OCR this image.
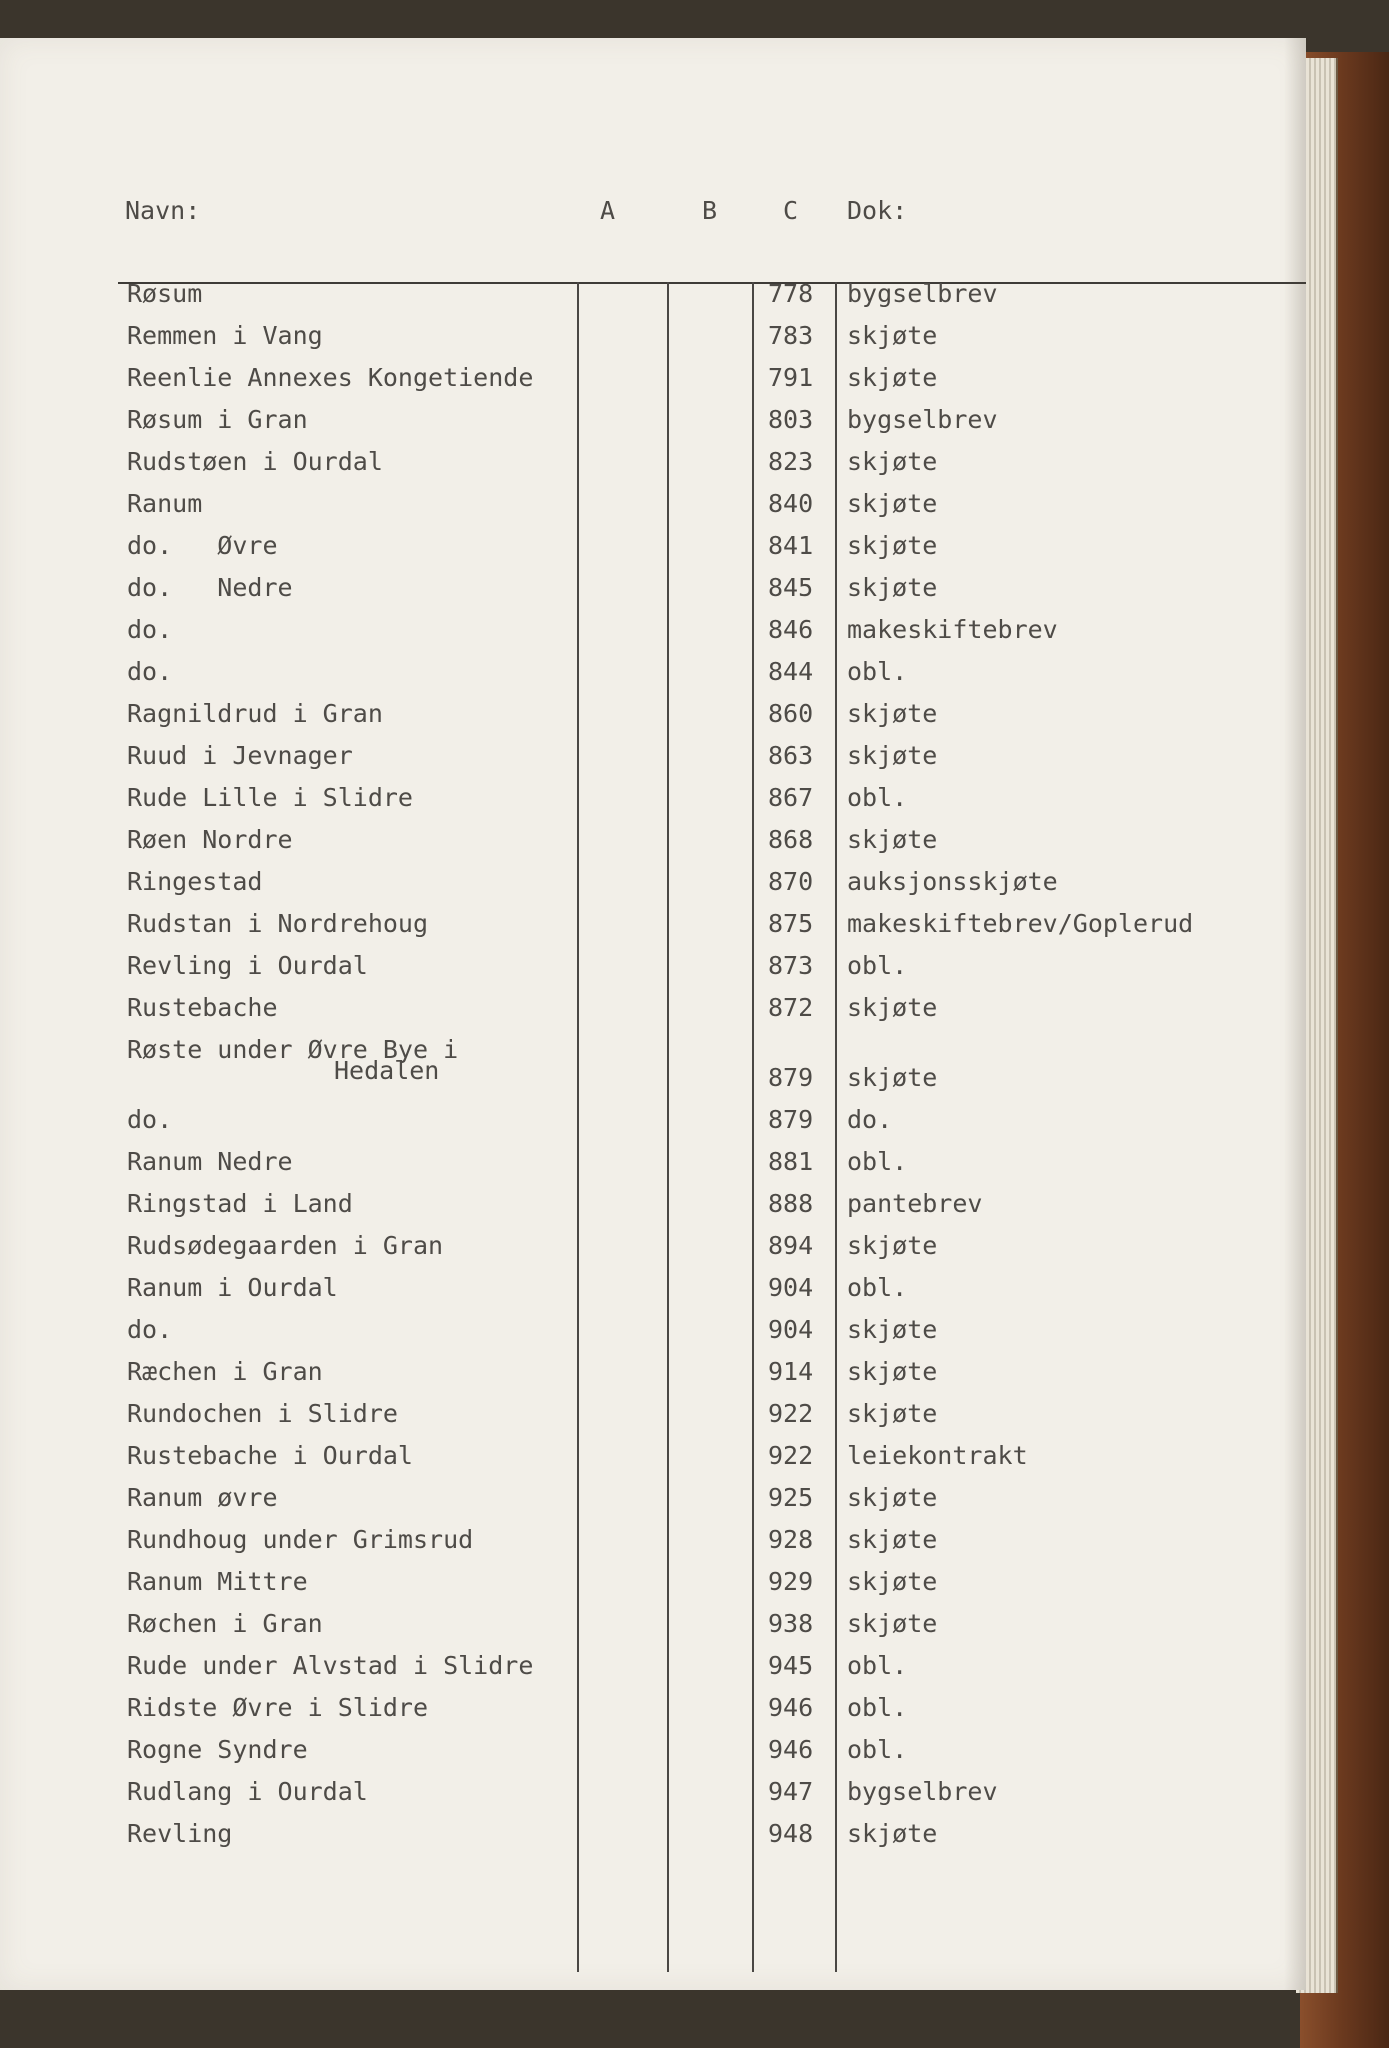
Navn:	A	B	C Dok:
Røsum	778	bygselbrev
Remmen i Vang	783	skjøte
Reenlie Annexes Kongetiende	791	skjøte
Røsum i Gran	803	bygselbrev
Rudstøen i Ourdal	823	skjøte
Ranum	840	skjøte
do.   Øvre	841	skjøte
do.   Nedre	845	skjøte
do.	846	makeskiftebrev
do.	844	obl.
Ragnildrud i Gran	860	skjøte
Ruud i Jevnager	863	skjøte
Rude Lille i Slidre	867	obl.
Røen Nordre	868	skjøte
Ringestad	870	auksjonsskjøte
Rudstan i Nordrehoug	875	makeskiftebrev/Goplerud
Revling i Ourdal	873	obl.
Rustebache	872	skjøte
Røste under Øvre Bye i
Hedalen	879	skjøte
do.	879	do.
Ranum Nedre	881	obl.
Ringstad i Land	888	pantebrev
Rudsødegaarden i Gran	894	skjøte
Ranum i Ourdal	904	obl.
do.	904	skjøte
Ræchen i Gran	914	skjøte
Rundochen i Slidre	922	skjøte
Rustebache i Ourdal	922	leiekontrakt
Ranum øvre	925	skjøte
Rundhoug under Grimsrud	928	skjøte
Ranum Mittre	929	skjøte
Røchen i Gran	938	skjøte
Rude under Alvstad i Slidre	945	obl.
Ridste Øvre i Slidre	946	obl.
Rogne Syndre	946	obl.
Rudlang i Ourdal	947	bygselbrev
Revling	948	skjøte
